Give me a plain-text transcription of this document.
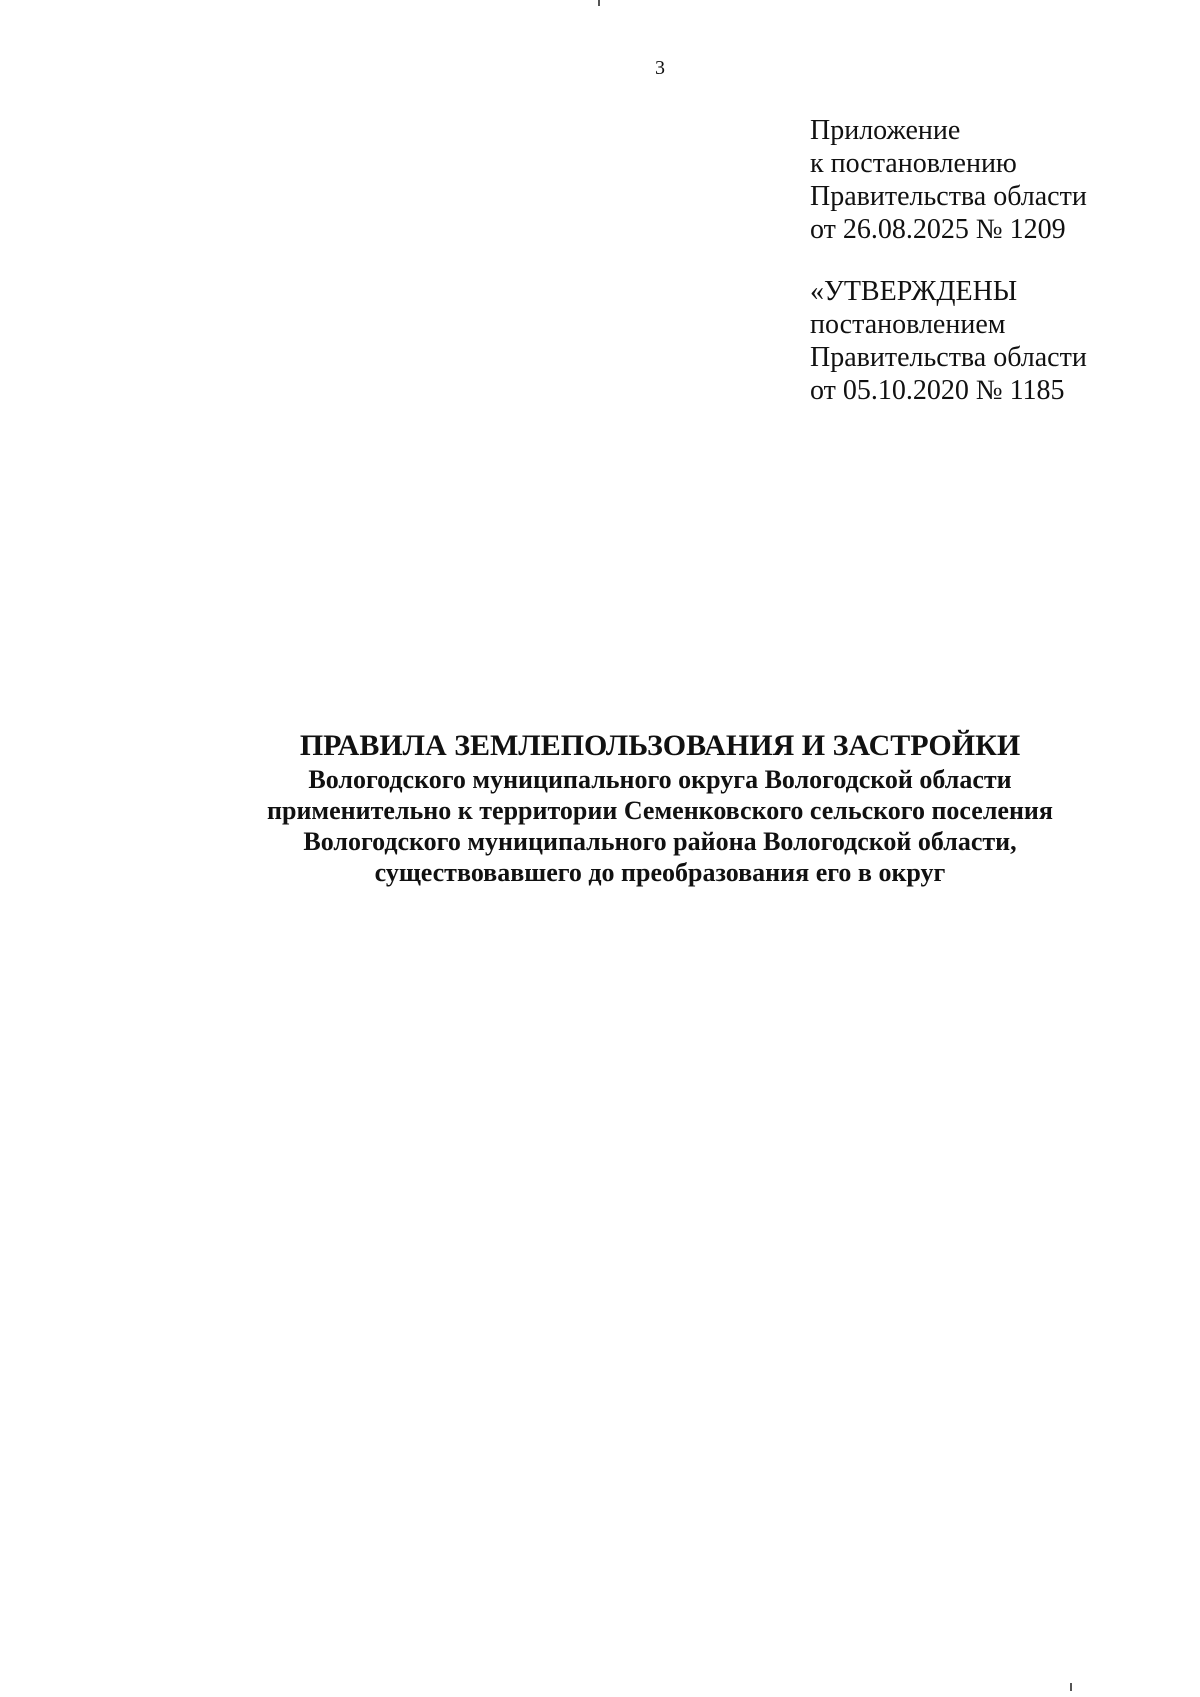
3
Приложение
к постановлению
Правительства области
от 26.08.2025 № 1209
«УТВЕРЖДЕНЫ
постановлением
Правительства области
от 05.10.2020 № 1185
ПРАВИЛА ЗЕМЛЕПОЛЬЗОВАНИЯ И ЗАСТРОЙКИ
Вологодского муниципального округа Вологодской области
применительно к территории Семенковского сельского поселения
Вологодского муниципального района Вологодской области,
существовавшего до преобразования его в округ
